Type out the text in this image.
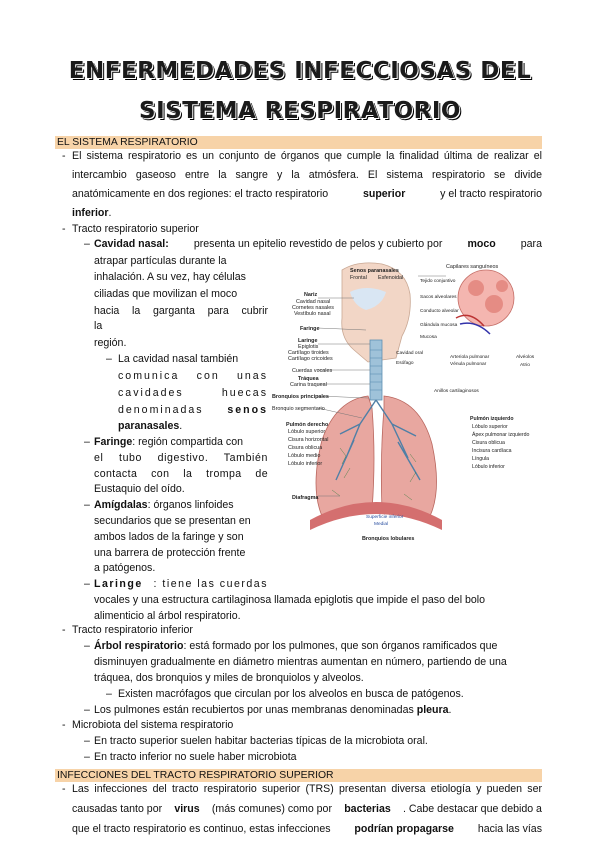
ENFERMEDADES INFECCIOSAS DEL
SISTEMA RESPIRATORIO
EL SISTEMA RESPIRATORIO
- El sistema respiratorio es un conjunto de órganos que cumple la finalidad última de realizar el
intercambio gaseoso entre la sangre y la atmósfera. El sistema respiratorio se divide
anatómicamente en dos regiones: el tracto respiratorio	superior	y el tracto respiratorio
inferior.
- Tracto respiratorio superior
– Cavidad nasal: presenta un epitelio revestido de pelos y cubierto por moco para
atrapar partículas durante la
inhalación. A su vez, hay células
ciliadas que movilizan el moco
hacia la garganta para cubrir
la
región.
– La cavidad nasal también
comunica con unas
cavidades huecas
denominadas senos
paranasales.
– Faringe: región compartida con
el tubo digestivo. También
contacta con la trompa de
Eustaquio del oído.
– Amígdalas: órganos linfoides
secundarios que se presentan en
ambos lados de la faringe y son
una barrera de protección frente
a patógenos.
– Laringe : tiene las cuerdas
vocales y una estructura cartilaginosa llamada epiglotis que impide el paso del bolo
alimenticio al árbol respiratorio.
- Tracto respiratorio inferior
– Árbol respiratorio: está formado por los pulmones, que son órganos ramificados que
disminuyen gradualmente en diámetro mientras aumentan en número, partiendo de una
tráquea, dos bronquios y miles de bronquiolos y alveolos.
– Existen macrófagos que circulan por los alveolos en busca de patógenos.
– Los pulmones están recubiertos por unas membranas denominadas pleura.
- Microbiota del sistema respiratorio
– En tracto superior suelen habitar bacterias típicas de la microbiota oral.
– En tracto inferior no suele haber microbiota
INFECCIONES DEL TRACTO RESPIRATORIO SUPERIOR
- Las infecciones del tracto respiratorio superior (TRS) presentan diversa etiología y pueden ser
causadas tanto por virus (más comunes) como por bacterias . Cabe destacar que debido a
que el tracto respiratorio es continuo, estas infecciones podrían propagarse hacia las vías
Nariz
Cavidad nasal
Cornetes nasales
Vestíbulo nasal
Faringe
Laringe
Epiglotis
Cartílago tiroides
Cartílago cricoides
Cuerdas vocales
Tráquea
Carina traqueal
Bronquios principales
Bronquio segmentario
Pulmón derecho
Lóbulo superior
Cisura horizontal
Cisura oblicua
Lóbulo medio
Lóbulo inferior
Diafragma
Senos paranasales
Frontal Esfenoidal
Capilares sanguíneos
Tejido conjuntivo
Sacos alveolares
Conducto alveolar
Glándula mucosa
Mucosa
Cavidad oral
Esófago
Arteriola pulmonar
Vénula pulmonar
Alvéolos
Atrio
Anillos cartilaginosos
Pulmón izquierdo
Lóbulo superior
Ápex pulmonar izquierdo
Cisura oblicua
Incisura cardíaca
Língula
Lóbulo inferior
Superficie inferior
Medial
Bronquios lobulares
